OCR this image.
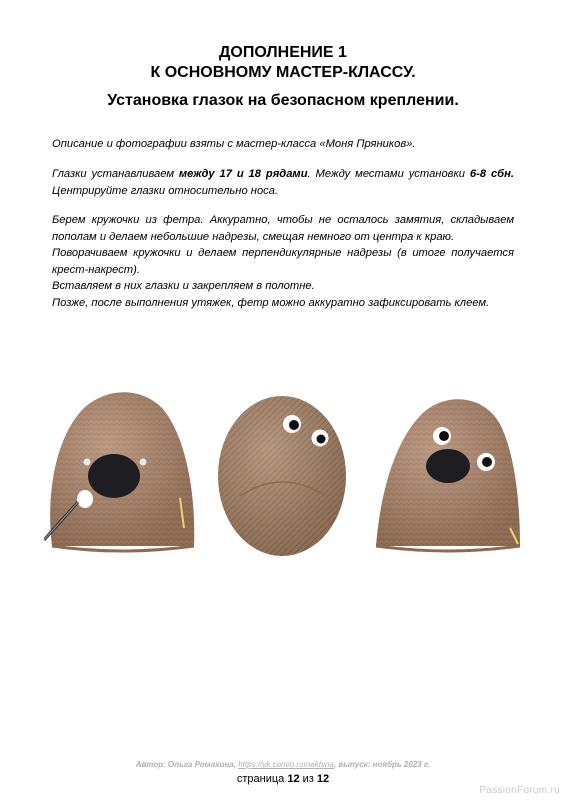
ДОПОЛНЕНИЕ 1
К ОСНОВНОМУ МАСТЕР-КЛАССУ.
Установка глазок на безопасном креплении.

Описание и фотографии взяты с мастер-класса «Моня Пряников».

Глазки устанавливаем между 17 и 18 рядами. Между местами установки 6-8 сбн. Центрируйте глазки относительно носа.

Берем кружочки из фетра. Аккуратно, чтобы не осталось замятия, складываем пополам и делаем небольшие надрезы, смещая немного от центра к краю.

Поворачиваем кружочки и делаем перпендикулярные надрезы (в итоге получается крест-накрест).

Вставляем в них глазки и закрепляем в полотне.

Позже, после выполнения утяжек, фетр можно аккуратно зафиксировать клеем.

Автор: Ольга Ромахина, https://vk.com/o.romakhina, выпуск: ноябрь 2023 г.
страница 12 из 12
PassionForum.ru
